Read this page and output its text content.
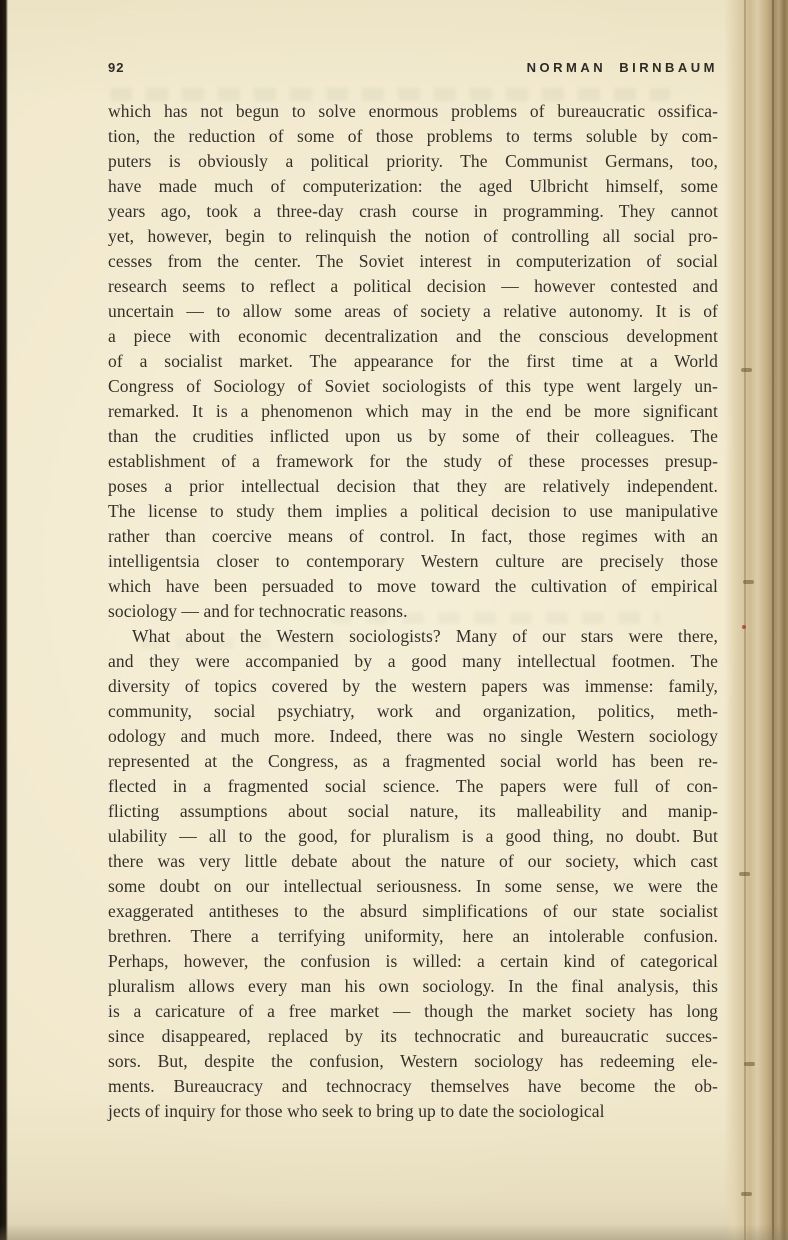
92	NORMAN BIRNBAUM
which has not begun to solve enormous problems of bureaucratic ossifica-
tion, the reduction of some of those problems to terms soluble by com-
puters is obviously a political priority. The Communist Germans, too,
have made much of computerization: the aged Ulbricht himself, some
years ago, took a three-day crash course in programming. They cannot
yet, however, begin to relinquish the notion of controlling all social pro-
cesses from the center. The Soviet interest in computerization of social
research seems to reflect a political decision — however contested and
uncertain — to allow some areas of society a relative autonomy. It is of
a piece with economic decentralization and the conscious development
of a socialist market. The appearance for the first time at a World
Congress of Sociology of Soviet sociologists of this type went largely un-
remarked. It is a phenomenon which may in the end be more significant
than the crudities inflicted upon us by some of their colleagues. The
establishment of a framework for the study of these processes presup-
poses a prior intellectual decision that they are relatively independent.
The license to study them implies a political decision to use manipulative
rather than coercive means of control. In fact, those regimes with an
intelligentsia closer to contemporary Western culture are precisely those
which have been persuaded to move toward the cultivation of empirical
sociology — and for technocratic reasons.
What about the Western sociologists? Many of our stars were there,
and they were accompanied by a good many intellectual footmen. The
diversity of topics covered by the western papers was immense: family,
community, social psychiatry, work and organization, politics, meth-
odology and much more. Indeed, there was no single Western sociology
represented at the Congress, as a fragmented social world has been re-
flected in a fragmented social science. The papers were full of con-
flicting assumptions about social nature, its malleability and manip-
ulability — all to the good, for pluralism is a good thing, no doubt. But
there was very little debate about the nature of our society, which cast
some doubt on our intellectual seriousness. In some sense, we were the
exaggerated antitheses to the absurd simplifications of our state socialist
brethren. There a terrifying uniformity, here an intolerable confusion.
Perhaps, however, the confusion is willed: a certain kind of categorical
pluralism allows every man his own sociology. In the final analysis, this
is a caricature of a free market — though the market society has long
since disappeared, replaced by its technocratic and bureaucratic succes-
sors. But, despite the confusion, Western sociology has redeeming ele-
ments. Bureaucracy and technocracy themselves have become the ob-
jects of inquiry for those who seek to bring up to date the sociological
